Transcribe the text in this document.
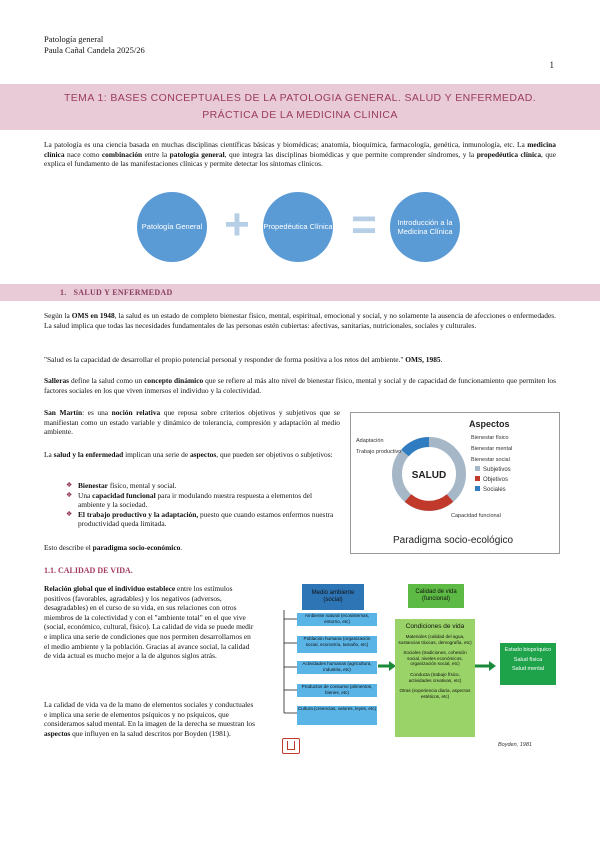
Patología general
Paula Cañal Candela 2025/26
1
TEMA 1: BASES CONCEPTUALES DE LA PATOLOGIA GENERAL. SALUD Y ENFERMEDAD.
PRÁCTICA DE LA MEDICINA CLINICA
La patología es una ciencia basada en muchas disciplinas científicas básicas y biomédicas; anatomía, bioquímica, farmacología, genética, inmunología, etc. La medicina clínica nace como combinación entre la patología general, que integra las disciplinas biomédicas y que permite comprender síndromes, y la propedéutica clínica, que explica el fundamento de las manifestaciones clínicas y permite detectar los síntomas clínicos.
Patología General +	Propedéutica Clínica =	Introducción a la Medicina Clínica
1. SALUD Y ENFERMEDAD
Según la OMS en 1948, la salud es un estado de completo bienestar físico, mental, espiritual, emocional y social, y no solamente la ausencia de afecciones o enfermedades. La salud implica que todas las necesidades fundamentales de las personas estén cubiertas: afectivas, sanitarias, nutricionales, sociales y culturales.
"Salud es la capacidad de desarrollar el propio potencial personal y responder de forma positiva a los retos del ambiente." OMS, 1985.
Salleras define la salud como un concepto dinámico que se refiere al más alto nivel de bienestar físico, mental y social y de capacidad de funcionamiento que permiten los factores sociales en los que viven inmersos el individuo y la colectividad.
San Martín: es una noción relativa que reposa sobre criterios objetivos y subjetivos que se manifiestan como un estado variable y dinámico de tolerancia, compresión y adaptación al medio ambiente.
La salud y la enfermedad implican una serie de aspectos, que pueden ser objetivos o subjetivos:
❖ Bienestar físico, mental y social.
❖ Una capacidad funcional para ir modulando nuestra respuesta a elementos del ambiente y la sociedad.
❖ El trabajo productivo y la adaptación, puesto que cuando estamos enfermos nuestra productividad queda limitada.
Esto describe el paradigma socio-económico.
Aspectos
SALUD
Adaptación
Trabajo productivo
Bienestar físico
Bienestar mental
Bienestar social
Capacidad funcional
Subjetivos
Objetivos
Sociales
Paradigma socio-ecológico
1.1. CALIDAD DE VIDA.
Relación global que el individuo establece entre los estímulos positivos (favorables, agradables) y los negativos (adversos, desagradables) en el curso de su vida, en sus relaciones con otros miembros de la colectividad y con el "ambiente total" en el que vive (social, económico, cultural, físico). La calidad de vida se puede medir e implica una serie de condiciones que nos permiten desarrollarnos en el medio ambiente y la población. Gracias al avance social, la calidad de vida actual es mucho mejor a la de algunos siglos atrás.
La calidad de vida va de la mano de elementos sociales y conductuales e implica una serie de elementos psíquicos y no psíquicos, que consideramos salud mental. En la imagen de la derecha se muestran los aspectos que influyen en la salud descritos por Boyden (1981).
Medio ambiente (social)
Ambiente natural (ecosistemas, entorno, etc)
Población humana (organización social, economía, tamaño, etc)
Actividades humanas (agricultura, industria, etc)
Productos de consumo (alimentos, bienes, etc)
Cultura (creencias, valores, leyes, etc)
Calidad de vida (funcional)
Condiciones de vida
Materiales (calidad del agua, sustancias tóxicas, demografía, etc)
Sociales (tradiciones, cohesión social, niveles económicos, organización social, etc)
Conducta (trabajo físico, actividades creativas, etc)
Otras (experiencia diaria, aspectos estéticos, etc)
Estado biopsíquico
Salud física
Salud mental
Boyden, 1981
